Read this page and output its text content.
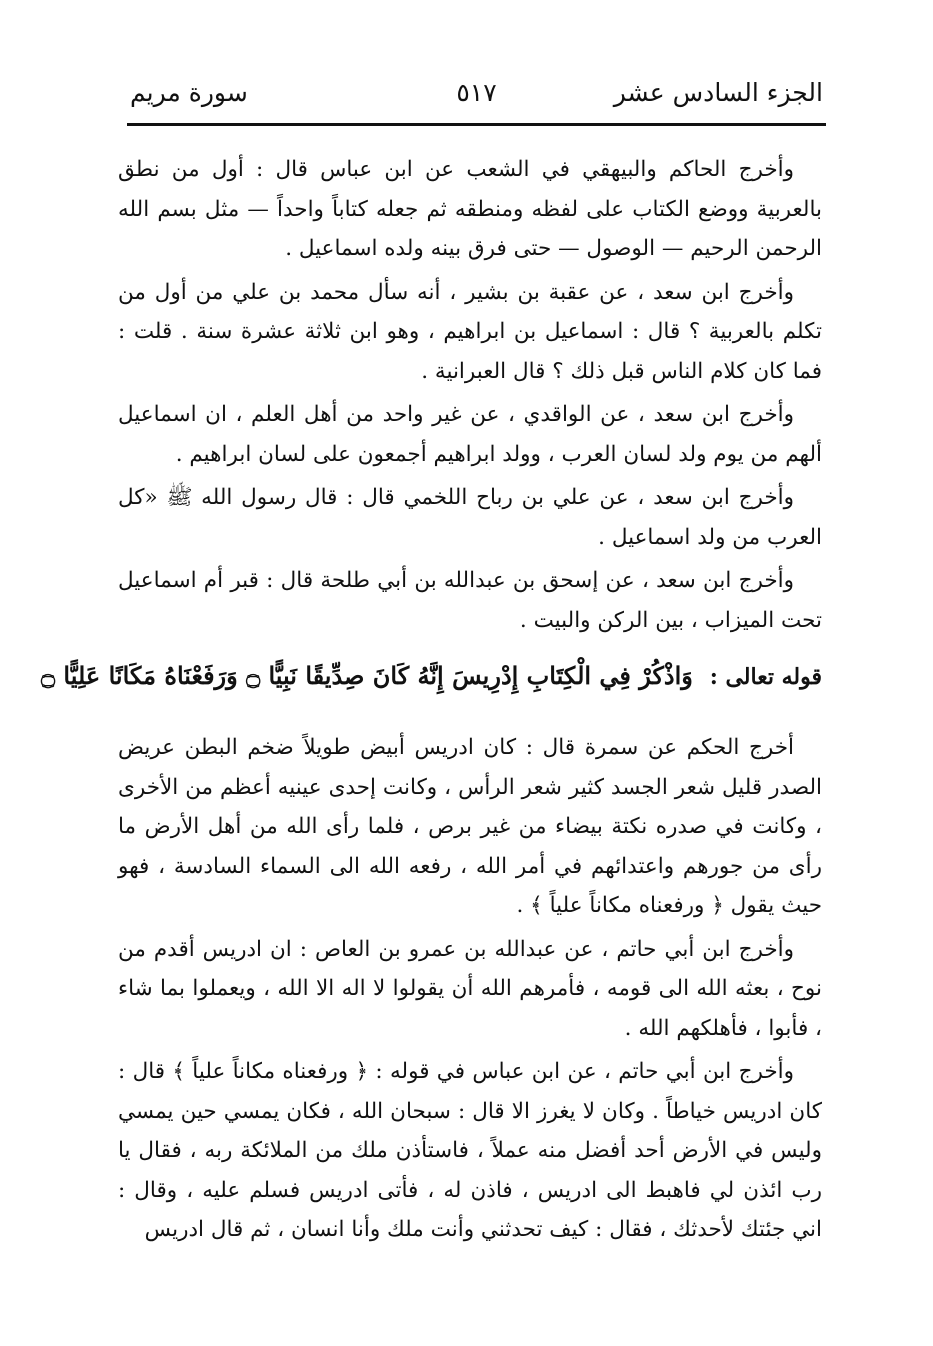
الجزء السادس عشر
٥١٧
سورة مريم

وأخرج الحاكم والبيهقي في الشعب عن ابن عباس قال : أول من نطق بالعربية ووضع الكتاب على لفظه ومنطقه ثم جعله كتاباً واحداً — مثل بسم الله الرحمن الرحيم — الوصول — حتى فرق بينه ولده اسماعيل .

وأخرج ابن سعد ، عن عقبة بن بشير ، أنه سأل محمد بن علي من أول من تكلم بالعربية ؟ قال : اسماعيل بن ابراهيم ، وهو ابن ثلاثة عشرة سنة . قلت : فما كان كلام الناس قبل ذلك ؟ قال العبرانية .

وأخرج ابن سعد ، عن الواقدي ، عن غير واحد من أهل العلم ، ان اسماعيل ألهم من يوم ولد لسان العرب ، وولد ابراهيم أجمعون على لسان ابراهيم .

وأخرج ابن سعد ، عن علي بن رباح اللخمي قال : قال رسول الله ﷺ «كل العرب من ولد اسماعيل .

وأخرج ابن سعد ، عن إسحق بن عبدالله بن أبي طلحة قال : قبر أم اسماعيل تحت الميزاب ، بين الركن والبيت .

قوله تعالى : وَاذْكُرْ فِي الْكِتَابِ إِدْرِيسَ إِنَّهُ كَانَ صِدِّيقًا نَبِيًّا ۝ وَرَفَعْنَاهُ مَكَانًا عَلِيًّا ۝

أخرج الحكم عن سمرة قال : كان ادريس أبيض طويلاً ضخم البطن عريض الصدر قليل شعر الجسد كثير شعر الرأس ، وكانت إحدى عينيه أعظم من الأخرى ، وكانت في صدره نكتة بيضاء من غير برص ، فلما رأى الله من أهل الأرض ما رأى من جورهم واعتدائهم في أمر الله ، رفعه الله الى السماء السادسة ، فهو حيث يقول ﴿ ورفعناه مكاناً علياً ﴾ .

وأخرج ابن أبي حاتم ، عن عبدالله بن عمرو بن العاص : ان ادريس أقدم من نوح ، بعثه الله الى قومه ، فأمرهم الله أن يقولوا لا اله الا الله ، ويعملوا بما شاء ، فأبوا ، فأهلكهم الله .

وأخرج ابن أبي حاتم ، عن ابن عباس في قوله : ﴿ ورفعناه مكاناً علياً ﴾ قال : كان ادريس خياطاً . وكان لا يغرز الا قال : سبحان الله ، فكان يمسي حين يمسي وليس في الأرض أحد أفضل منه عملاً ، فاستأذن ملك من الملائكة ربه ، فقال يا رب ائذن لي فاهبط الى ادريس ، فاذن له ، فأتى ادريس فسلم عليه ، وقال : اني جئتك لأحدثك ، فقال : كيف تحدثني وأنت ملك وأنا انسان ، ثم قال ادريس
